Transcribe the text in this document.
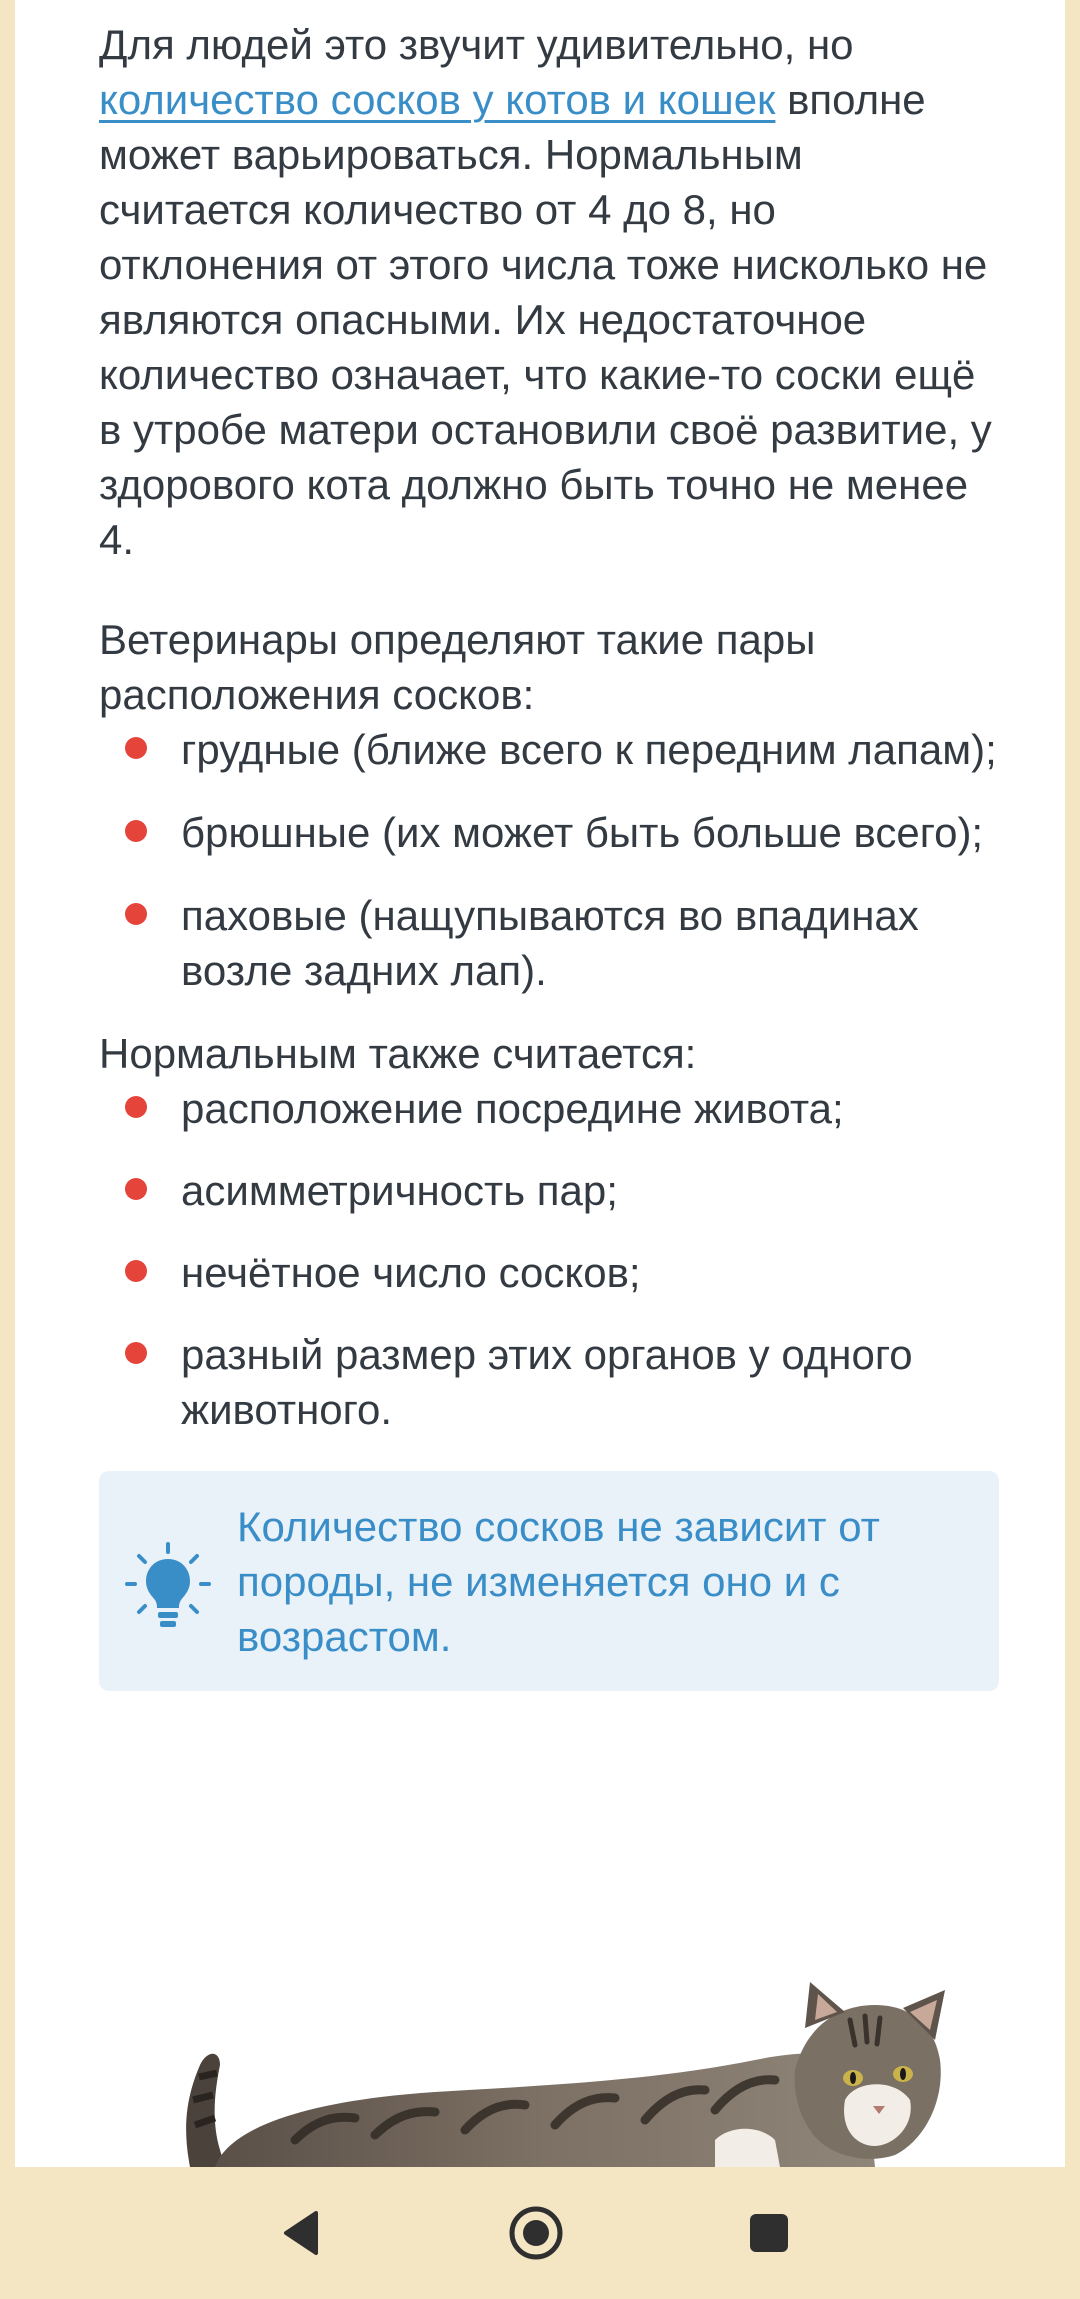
Для людей это звучит удивительно, но количество сосков у котов и кошек вполне может варьироваться. Нормальным считается количество от 4 до 8, но отклонения от этого числа тоже нисколько не являются опасными. Их недостаточное количество означает, что какие-то соски ещё в утробе матери остановили своё развитие, у здорового кота должно быть точно не менее 4.

Ветеринары определяют такие пары расположения сосков:

грудные (ближе всего к передним лапам);
брюшные (их может быть больше всего);
паховые (нащупываются во впадинах возле задних лап).

Нормальным также считается:

расположение посредине живота;
асимметричность пар;
нечётное число сосков;
разный размер этих органов у одного животного.
Количество сосков не зависит от породы, не изменяется оно и с возрастом.
